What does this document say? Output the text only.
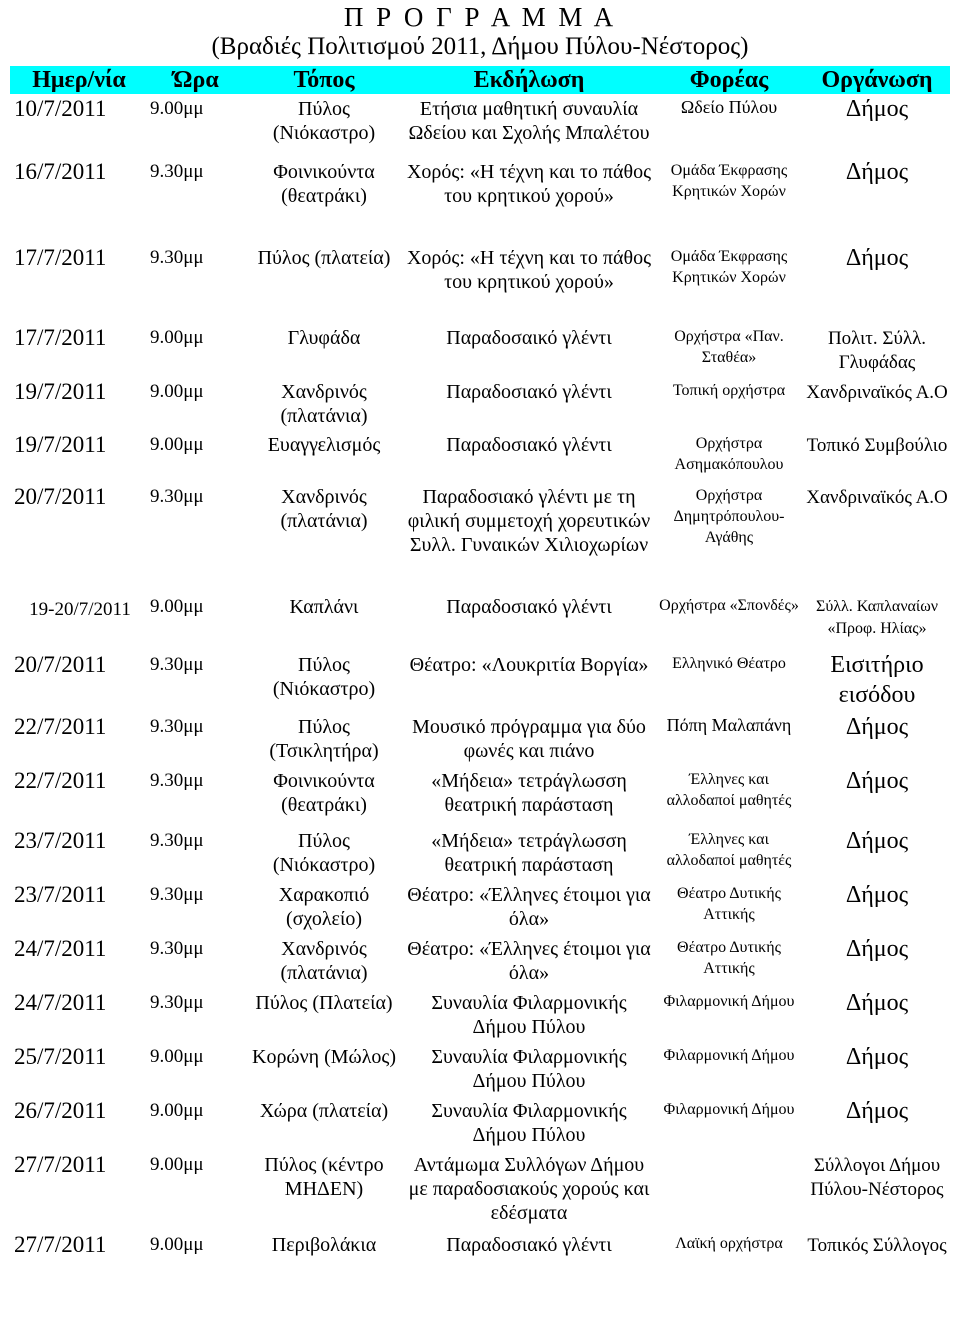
Π Ρ Ο Γ Ρ Α Μ Μ Α
(Βραδιές Πολιτισμού 2011, Δήμου Πύλου-Νέστορος)
Ημερ/νία	Ώρα	Τόπος	Εκδήλωση	Φορέας	Οργάνωση
10/7/2011	9.00μμ	Πύλος (Νιόκαστρο)	Ετήσια μαθητική συναυλία Ωδείου και Σχολής Μπαλέτου	Ωδείο Πύλου	Δήμος
16/7/2011	9.30μμ	Φοινικούντα (θεατράκι)	Χορός: «Η τέχνη και το πάθος του κρητικού χορού»	Ομάδα Έκφρασης Κρητικών Χορών	Δήμος
17/7/2011	9.30μμ	Πύλος (πλατεία)	Χορός: «Η τέχνη και το πάθος του κρητικού χορού»	Ομάδα Έκφρασης Κρητικών Χορών	Δήμος
17/7/2011	9.00μμ	Γλυφάδα	Παραδοσαικό γλέντι	Ορχήστρα «Παν. Σταθέα»	Πολιτ. Σύλλ. Γλυφάδας
19/7/2011	9.00μμ	Χανδρινός (πλατάνια)	Παραδοσιακό γλέντι	Τοπική ορχήστρα	Χανδριναϊκός Α.Ο
19/7/2011	9.00μμ	Ευαγγελισμός	Παραδοσιακό γλέντι	Ορχήστρα Ασημακόπουλου	Τοπικό Συμβούλιο
20/7/2011	9.30μμ	Χανδρινός (πλατάνια)	Παραδοσιακό γλέντι με τη φιλική συμμετοχή χορευτικών Συλλ. Γυναικών Χιλιοχωρίων	Ορχήστρα Δημητρόπουλου-Αγάθης	Χανδριναϊκός Α.Ο
19-20/7/2011	9.00μμ	Καπλάνι	Παραδοσιακό γλέντι	Ορχήστρα «Σπονδές»	Σύλλ. Καπλαναίων «Προφ. Ηλίας»
20/7/2011	9.30μμ	Πύλος (Νιόκαστρο)	Θέατρο: «Λουκριτία Βοργία»	Ελληνικό Θέατρο	Εισιτήριο εισόδου
22/7/2011	9.30μμ	Πύλος (Τσικλητήρα)	Μουσικό πρόγραμμα για δύο φωνές και πιάνο	Πόπη Μαλαπάνη	Δήμος
22/7/2011	9.30μμ	Φοινικούντα (θεατράκι)	«Μήδεια» τετράγλωσση θεατρική παράσταση	Έλληνες και αλλοδαποί μαθητές	Δήμος
23/7/2011	9.30μμ	Πύλος (Νιόκαστρο)	«Μήδεια» τετράγλωσση θεατρική παράσταση	Έλληνες και αλλοδαποί μαθητές	Δήμος
23/7/2011	9.30μμ	Χαρακοπιό (σχολείο)	Θέατρο: «Έλληνες έτοιμοι για όλα»	Θέατρο Δυτικής Αττικής	Δήμος
24/7/2011	9.30μμ	Χανδρινός (πλατάνια)	Θέατρο: «Έλληνες έτοιμοι για όλα»	Θέατρο Δυτικής Αττικής	Δήμος
24/7/2011	9.30μμ	Πύλος (Πλατεία)	Συναυλία Φιλαρμονικής Δήμου Πύλου	Φιλαρμονική Δήμου	Δήμος
25/7/2011	9.00μμ	Κορώνη (Μώλος)	Συναυλία Φιλαρμονικής Δήμου Πύλου	Φιλαρμονική Δήμου	Δήμος
26/7/2011	9.00μμ	Χώρα (πλατεία)	Συναυλία Φιλαρμονικής Δήμου Πύλου	Φιλαρμονική Δήμου	Δήμος
27/7/2011	9.00μμ	Πύλος (κέντρο ΜΗΔΕΝ)	Αντάμωμα Συλλόγων Δήμου με παραδοσιακούς χορούς και εδέσματα		Σύλλογοι Δήμου Πύλου-Νέστορος
27/7/2011	9.00μμ	Περιβολάκια	Παραδοσιακό γλέντι	Λαϊκή ορχήστρα	Τοπικός Σύλλογος
